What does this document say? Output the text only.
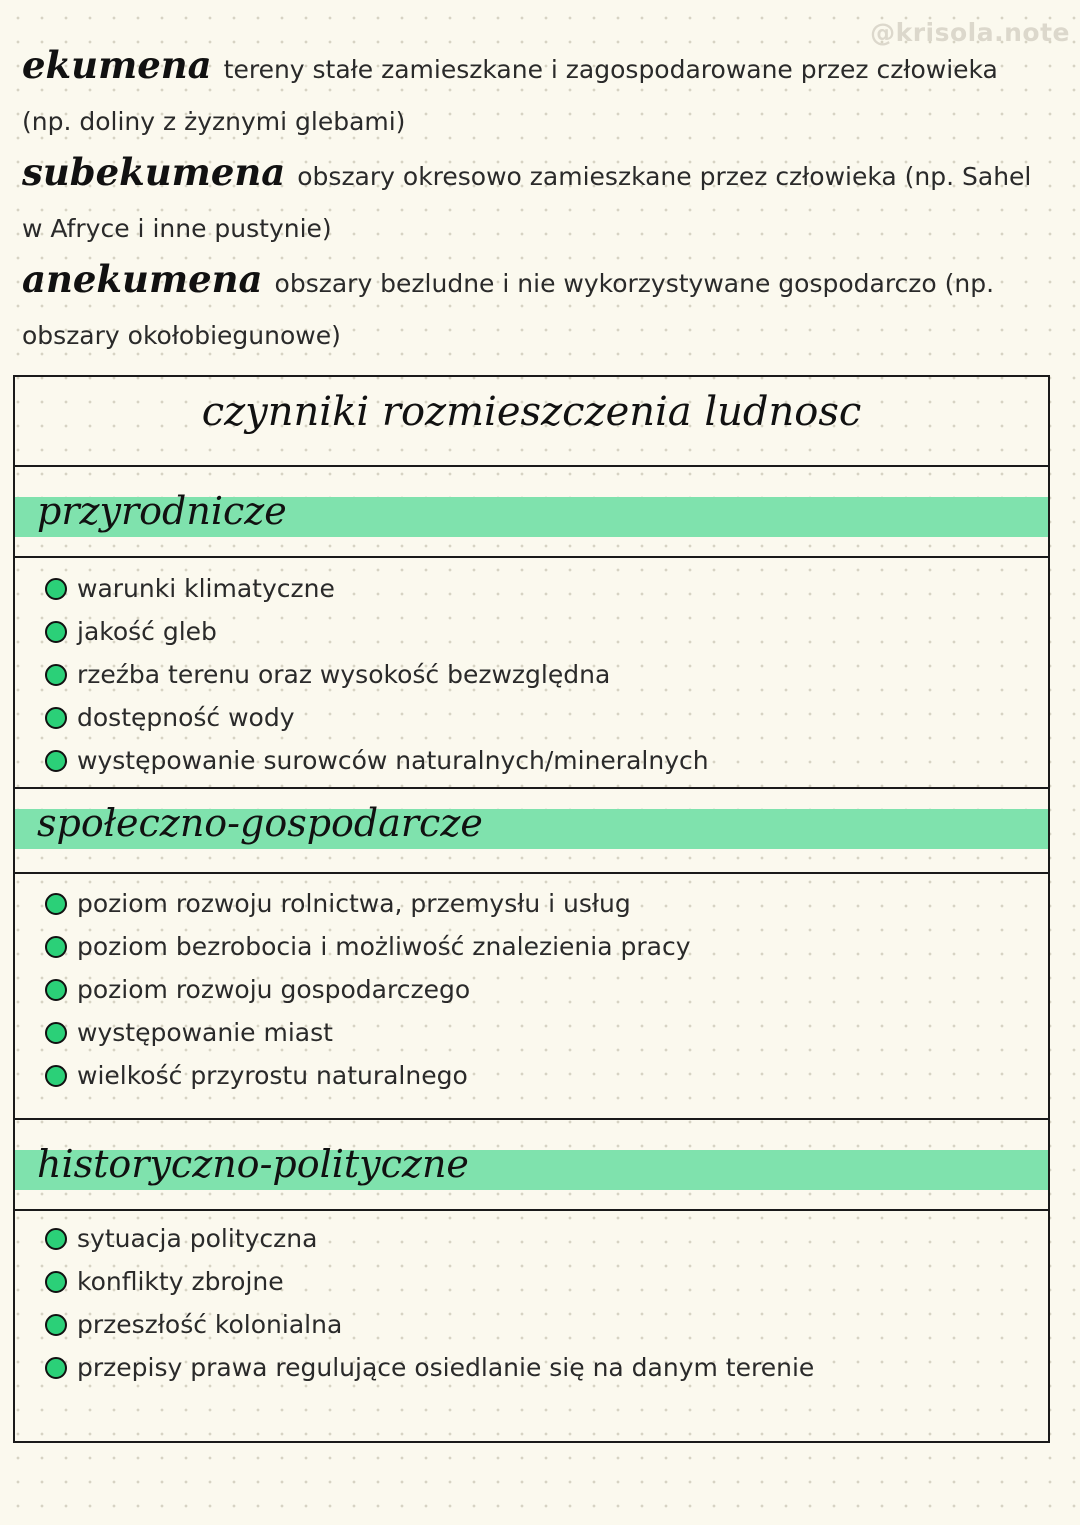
@krisola.note

ekumena tereny stałe zamieszkane i zagospodarowane przez człowieka (np. doliny z żyznymi glebami)

subekumena obszary okresowo zamieszkane przez człowieka (np. Sahel w Afryce i inne pustynie)

anekumena obszary bezludne i nie wykorzystywane gospodarczo (np. obszary okołobiegunowe)

czynniki rozmieszczenia ludnosc
przyrodnicze
warunki klimatyczne
jakość gleb
rzeźba terenu oraz wysokość bezwzględna
dostępność wody
występowanie surowców naturalnych/mineralnych
społeczno-gospodarcze
poziom rozwoju rolnictwa, przemysłu i usług
poziom bezrobocia i możliwość znalezienia pracy
poziom rozwoju gospodarczego
występowanie miast
wielkość przyrostu naturalnego
historyczno-polityczne
sytuacja polityczna
konflikty zbrojne
przeszłość kolonialna
przepisy prawa regulujące osiedlanie się na danym terenie
